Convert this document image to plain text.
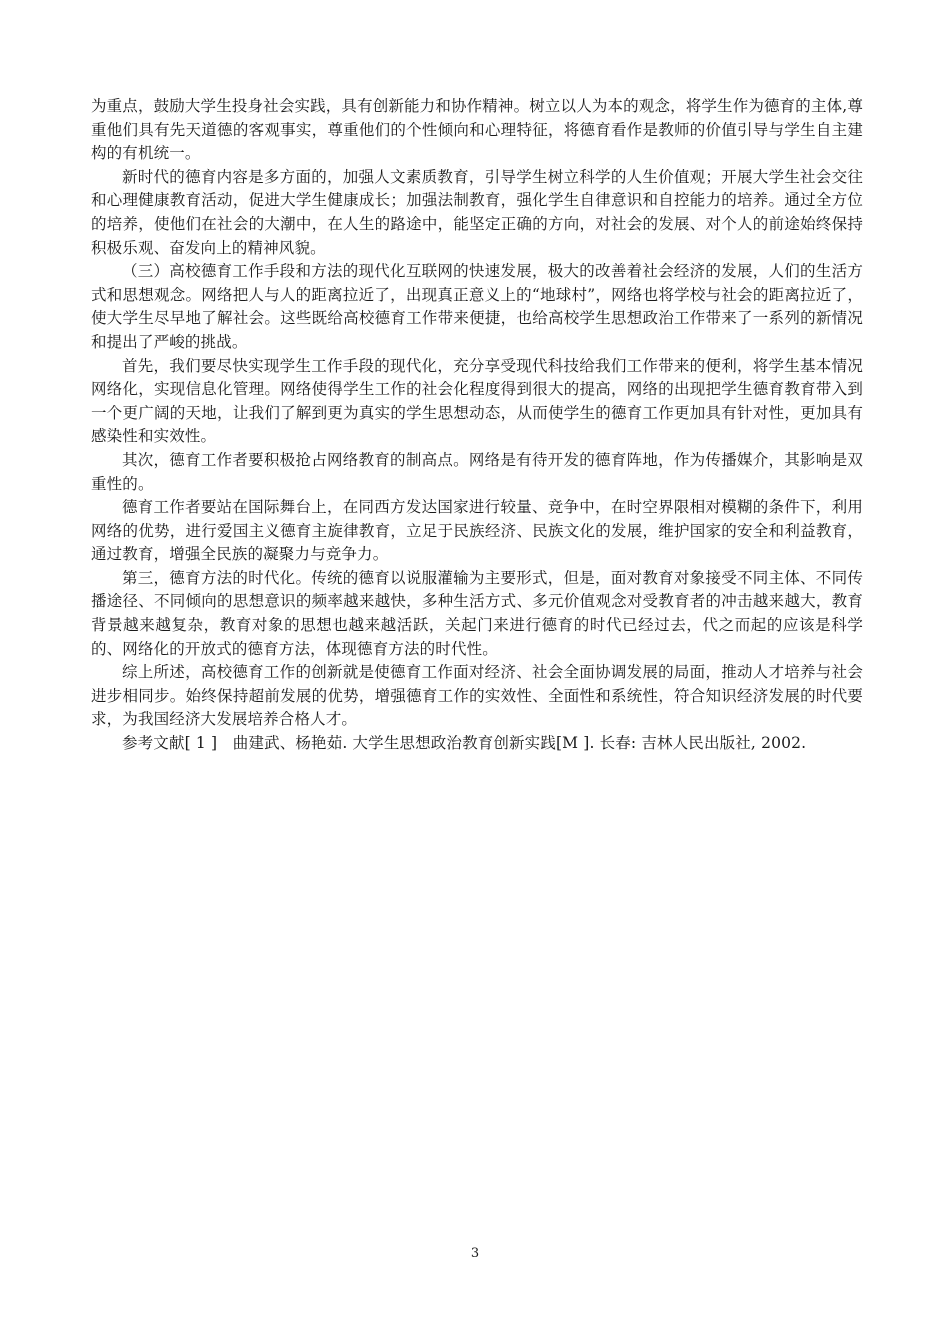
为重点，鼓励大学生投身社会实践，具有创新能力和协作精神。树立以人为本的观念，将学生作为德育的主体,尊重他们具有先天道德的客观事实，尊重他们的个性倾向和心理特征，将德育看作是教师的价值引导与学生自主建构的有机统一。

新时代的德育内容是多方面的，加强人文素质教育，引导学生树立科学的人生价值观；开展大学生社会交往和心理健康教育活动，促进大学生健康成长；加强法制教育，强化学生自律意识和自控能力的培养。通过全方位的培养，使他们在社会的大潮中，在人生的路途中，能坚定正确的方向，对社会的发展、对个人的前途始终保持积极乐观、奋发向上的精神风貌。

（三）高校德育工作手段和方法的现代化互联网的快速发展，极大的改善着社会经济的发展，人们的生活方式和思想观念。网络把人与人的距离拉近了，出现真正意义上的“地球村”，网络也将学校与社会的距离拉近了，使大学生尽早地了解社会。这些既给高校德育工作带来便捷，也给高校学生思想政治工作带来了一系列的新情况和提出了严峻的挑战。

首先，我们要尽快实现学生工作手段的现代化，充分享受现代科技给我们工作带来的便利，将学生基本情况网络化，实现信息化管理。网络使得学生工作的社会化程度得到很大的提高，网络的出现把学生德育教育带入到一个更广阔的天地，让我们了解到更为真实的学生思想动态，从而使学生的德育工作更加具有针对性，更加具有感染性和实效性。

其次，德育工作者要积极抢占网络教育的制高点。网络是有待开发的德育阵地，作为传播媒介，其影响是双重性的。

德育工作者要站在国际舞台上，在同西方发达国家进行较量、竞争中，在时空界限相对模糊的条件下，利用网络的优势，进行爱国主义德育主旋律教育，立足于民族经济、民族文化的发展，维护国家的安全和利益教育，通过教育，增强全民族的凝聚力与竞争力。

第三，德育方法的时代化。传统的德育以说服灌输为主要形式，但是，面对教育对象接受不同主体、不同传播途径、不同倾向的思想意识的频率越来越快，多种生活方式、多元价值观念对受教育者的冲击越来越大，教育背景越来越复杂，教育对象的思想也越来越活跃，关起门来进行德育的时代已经过去，代之而起的应该是科学的、网络化的开放式的德育方法，体现德育方法的时代性。

综上所述，高校德育工作的创新就是使德育工作面对经济、社会全面协调发展的局面，推动人才培养与社会进步相同步。始终保持超前发展的优势，增强德育工作的实效性、全面性和系统性，符合知识经济发展的时代要求，为我国经济大发展培养合格人才。

参考文献[ 1 ]　曲建武、杨艳茹. 大学生思想政治教育创新实践[M ]. 长春: 吉林人民出版社, 2002.

3
